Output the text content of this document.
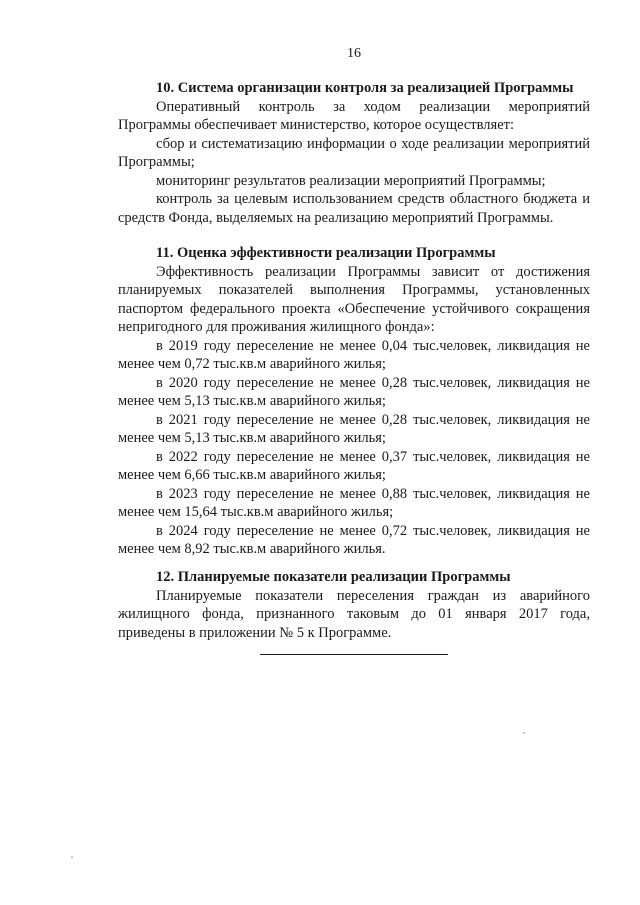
16

10. Система организации контроля за реализацией Программы

Оперативный контроль за ходом реализации мероприятий Программы обеспечивает министерство, которое осуществляет:

сбор и систематизацию информации о ходе реализации мероприятий Программы;

мониторинг результатов реализации мероприятий Программы;

контроль за целевым использованием средств областного бюджета и средств Фонда, выделяемых на реализацию мероприятий Программы.

11. Оценка эффективности реализации Программы

Эффективность реализации Программы зависит от достижения планируемых показателей выполнения Программы, установленных паспортом федерального проекта «Обеспечение устойчивого сокращения непригодного для проживания жилищного фонда»:

в 2019 году переселение не менее 0,04 тыс.человек, ликвидация не менее чем 0,72 тыс.кв.м аварийного жилья;

в 2020 году переселение не менее 0,28 тыс.человек, ликвидация не менее чем 5,13 тыс.кв.м аварийного жилья;

в 2021 году переселение не менее 0,28 тыс.человек, ликвидация не менее чем 5,13 тыс.кв.м аварийного жилья;

в 2022 году переселение не менее 0,37 тыс.человек, ликвидация не менее чем 6,66 тыс.кв.м аварийного жилья;

в 2023 году переселение не менее 0,88 тыс.человек, ликвидация не менее чем 15,64 тыс.кв.м аварийного жилья;

в 2024 году переселение не менее 0,72 тыс.человек, ликвидация не менее чем 8,92 тыс.кв.м аварийного жилья.

12. Планируемые показатели реализации Программы

Планируемые показатели переселения граждан из аварийного жилищного фонда, признанного таковым до 01 января 2017 года, приведены в приложении № 5 к Программе.
